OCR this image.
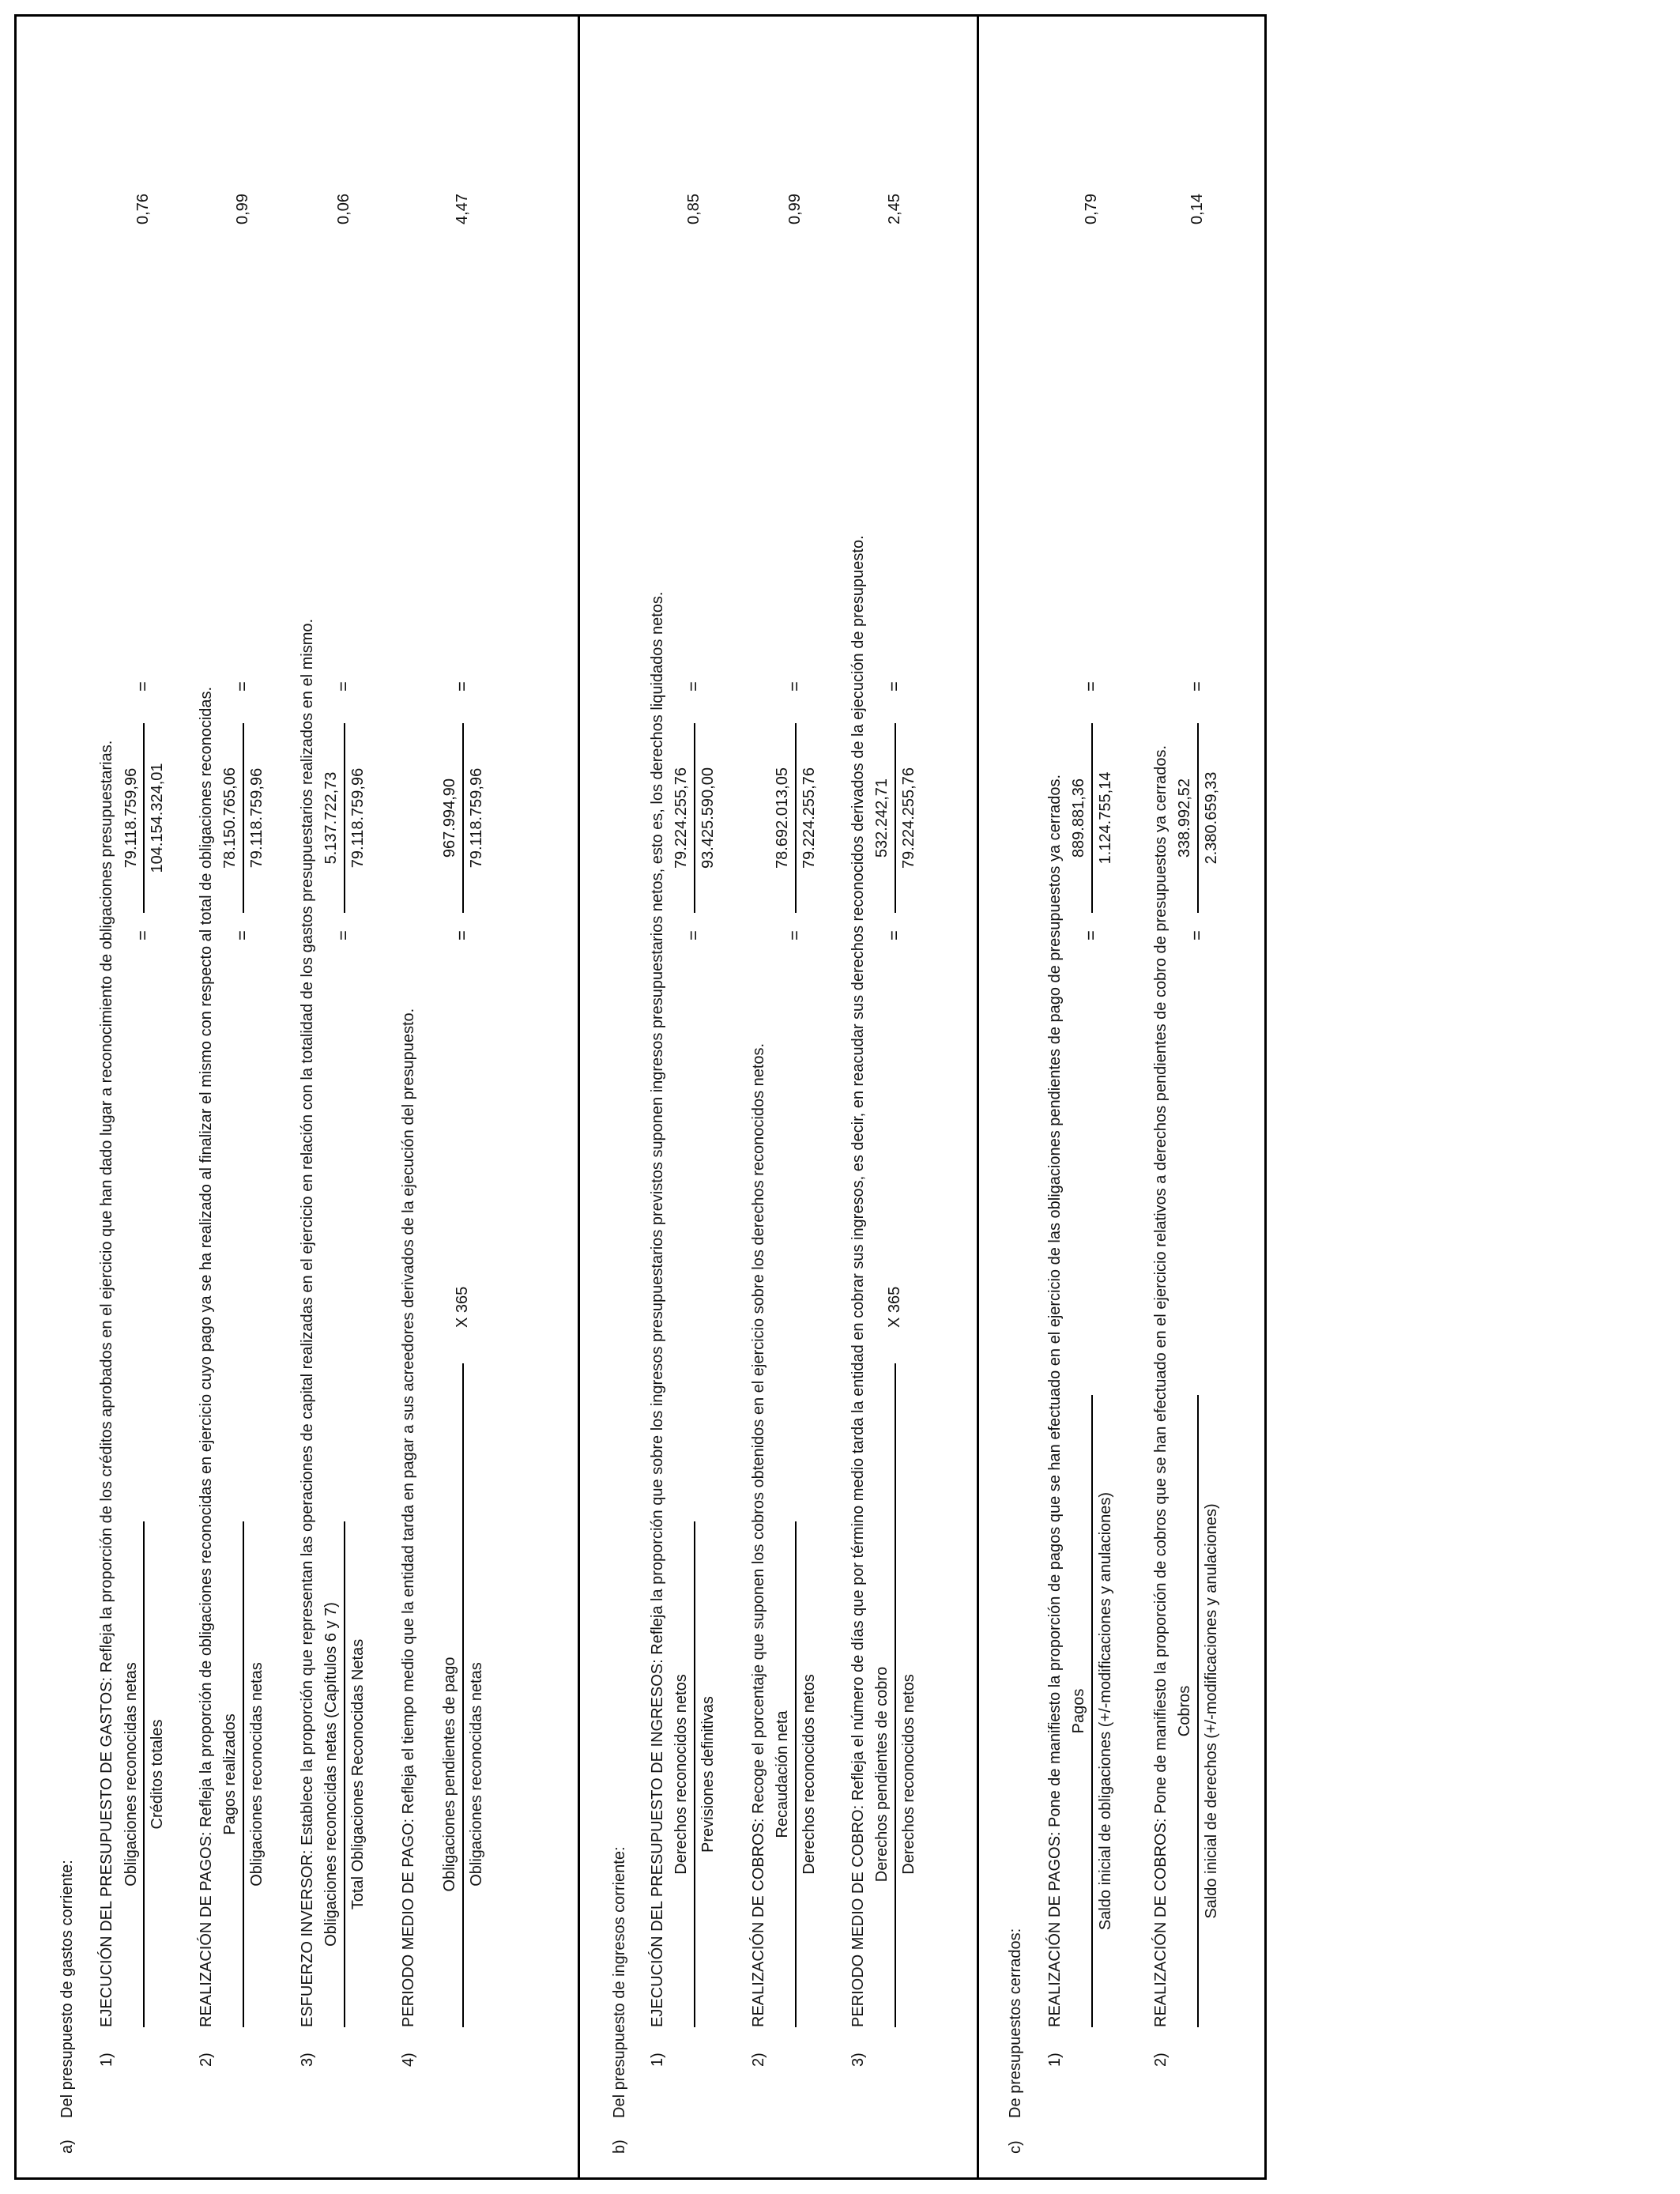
a)
Del presupuesto de gastos corriente: 1)
EJECUCIÓN DEL PRESUPUESTO DE GASTOS: Refleja la proporción de los créditos aprobados en el ejercicio que han dado lugar a reconocimiento de obligaciones presupuestarias. Obligaciones reconocidas netas Créditos totales
=
79.118.759,96 104.154.324,01
=
0,76
2)
REALIZACIÓN DE PAGOS: Refleja la proporción de obligaciones reconocidas en ejercicio cuyo pago ya se ha realizado al finalizar el mismo con respecto al total de obligaciones reconocidas. Pagos realizados Obligaciones reconocidas netas
=
78.150.765,06 79.118.759,96
=
0,99
3)
ESFUERZO INVERSOR: Establece la proporción que representan las operaciones de capital realizadas en el ejercicio en relación con la totalidad de los gastos presupuestarios realizados en el mismo. Obligaciones reconocidas netas (Capítulos 6 y 7) Total Obligaciones Reconocidas Netas
=
5.137.722,73 79.118.759,96
=
0,06
4)
PERIODO MEDIO DE PAGO: Refleja el tiempo medio que la entidad tarda en pagar a sus acreedores derivados de la ejecución del presupuesto. Obligaciones pendientes de pago Obligaciones reconocidas netas
X 365
=
967.994,90 79.118.759,96
=
4,47
b)
Del presupuesto de ingresos corriente: 1)
EJECUCIÓN DEL PRESUPUESTO DE INGRESOS: Refleja la proporción que sobre los ingresos presupuestarios previstos suponen ingresos presupuestarios netos, esto es, los derechos liquidados netos. Derechos reconocidos netos Previsiones definitivas
=
79.224.255,76 93.425.590,00
=
0,85
2)
REALIZACIÓN DE COBROS: Recoge el porcentaje que suponen los cobros obtenidos en el ejercicio sobre los derechos reconocidos netos. Recaudación neta Derechos reconocidos netos
=
78.692.013,05 79.224.255,76
=
0,99
3)
PERIODO MEDIO DE COBRO: Refleja el número de días que por término medio tarda la entidad en cobrar sus ingresos, es decir, en reacudar sus derechos reconocidos derivados de la ejecución de presupuesto. Derechos pendientes de cobro Derechos reconocidos netos
X 365
=
532.242,71 79.224.255,76
=
2,45
c)
De presupuestos cerrados: 1)
REALIZACIÓN DE PAGOS: Pone de manifiesto la proporción de pagos que se han efectuado en el ejercicio de las obligaciones pendientes de pago de presupuestos ya cerrados. Pagos Saldo inicial de obligaciones (+/-modificaciones y anulaciones)
=
889.881,36 1.124.755,14
=
0,79
2)
REALIZACIÓN DE COBROS: Pone de manifiesto la proporción de cobros que se han efectuado en el ejercicio relativos a derechos pendientes de cobro de presupuestos ya cerrados. Cobros Saldo inicial de derechos (+/-modificaciones y anulaciones)
=
338.992,52 2.380.659,33
=
0,14
